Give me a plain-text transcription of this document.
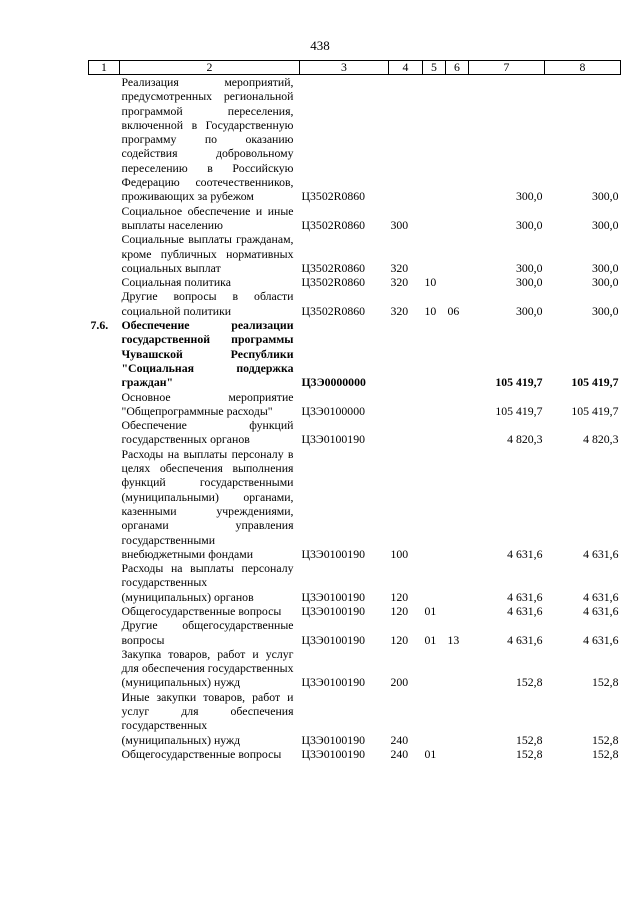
438
1	2	3	4	5	6	7	8
	Реализация мероприятий, предусмотренных региональной программой переселения, включенной в Государственную программу по оказанию содействия добровольному переселению в Российскую Федерацию соотечественников, проживающих за рубежом	Ц3502R0860				300,0	300,0
	Социальное обеспечение и иные выплаты населению	Ц3502R0860	300			300,0	300,0
	Социальные выплаты гражданам, кроме публичных нормативных социальных выплат	Ц3502R0860	320			300,0	300,0
	Социальная политика	Ц3502R0860	320	10		300,0	300,0
	Другие вопросы в области социальной политики	Ц3502R0860	320	10	06	300,0	300,0
7.6.	Обеспечение реализации государственной программы Чувашской Республики "Социальная поддержка граждан"	Ц3Э0000000				105 419,7	105 419,7
	Основное мероприятие "Общепрограммные расходы"	Ц3Э0100000				105 419,7	105 419,7
	Обеспечение функций государственных органов	Ц3Э0100190				4 820,3	4 820,3
	Расходы на выплаты персоналу в целях обеспечения выполнения функций государственными (муниципальными) органами, казенными учреждениями, органами управления государственными внебюджетными фондами	Ц3Э0100190	100			4 631,6	4 631,6
	Расходы на выплаты персоналу государственных (муниципальных) органов	Ц3Э0100190	120			4 631,6	4 631,6
	Общегосударственные вопросы	Ц3Э0100190	120	01		4 631,6	4 631,6
	Другие общегосударственные вопросы	Ц3Э0100190	120	01	13	4 631,6	4 631,6
	Закупка товаров, работ и услуг для обеспечения государственных (муниципальных) нужд	Ц3Э0100190	200			152,8	152,8
	Иные закупки товаров, работ и услуг для обеспечения государственных (муниципальных) нужд	Ц3Э0100190	240			152,8	152,8
	Общегосударственные вопросы	Ц3Э0100190	240	01		152,8	152,8
